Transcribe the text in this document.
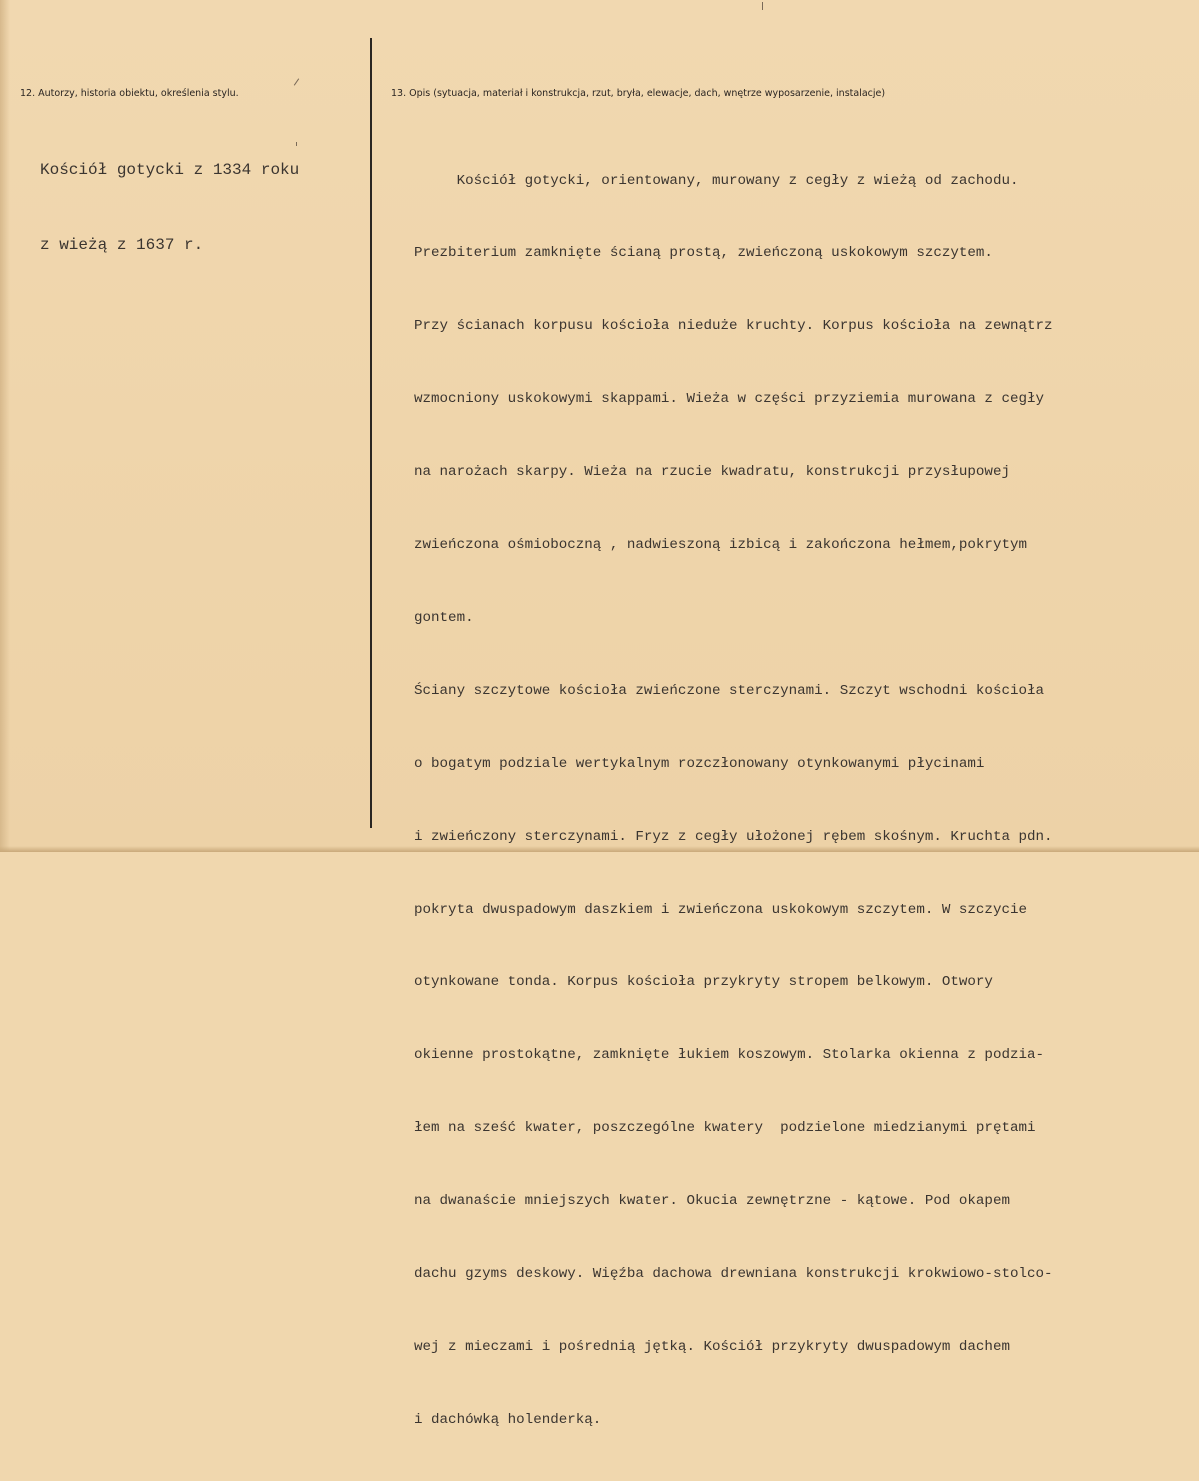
12. Autorzy, historia obiektu, określenia stylu.

Kościół gotycki z 1334 roku

z wieżą z 1637 r.

13. Opis (sytuacja, materiał i konstrukcja, rzut, bryła, elewacje, dach, wnętrze wyposarzenie, instalacje)

Kościół gotycki, orientowany, murowany z cegły z wieżą od zachodu.

Prezbiterium zamknięte ścianą prostą, zwieńczoną uskokowym szczytem.

Przy ścianach korpusu kościoła nieduże kruchty. Korpus kościoła na zewnątrz

wzmocniony uskokowymi skappami. Wieża w części przyziemia murowana z cegły

na narożach skarpy. Wieża na rzucie kwadratu, konstrukcji przysłupowej

zwieńczona ośmioboczną , nadwieszoną izbicą i zakończona hełmem,pokrytym

gontem.

Ściany szczytowe kościoła zwieńczone sterczynami. Szczyt wschodni kościoła

o bogatym podziale wertykalnym rozczłonowany otynkowanymi płycinami

i zwieńczony sterczynami. Fryz z cegły ułożonej rębem skośnym. Kruchta pdn.

pokryta dwuspadowym daszkiem i zwieńczona uskokowym szczytem. W szczycie

otynkowane tonda. Korpus kościoła przykryty stropem belkowym. Otwory

okienne prostokątne, zamknięte łukiem koszowym. Stolarka okienna z podzia-

łem na sześć kwater, poszczególne kwatery  podzielone miedzianymi prętami

na dwanaście mniejszych kwater. Okucia zewnętrzne - kątowe. Pod okapem

dachu gzyms deskowy. Więźba dachowa drewniana konstrukcji krokwiowo-stolco-

wej z mieczami i pośrednią jętką. Kościół przykryty dwuspadowym dachem

i dachówką holenderką.
